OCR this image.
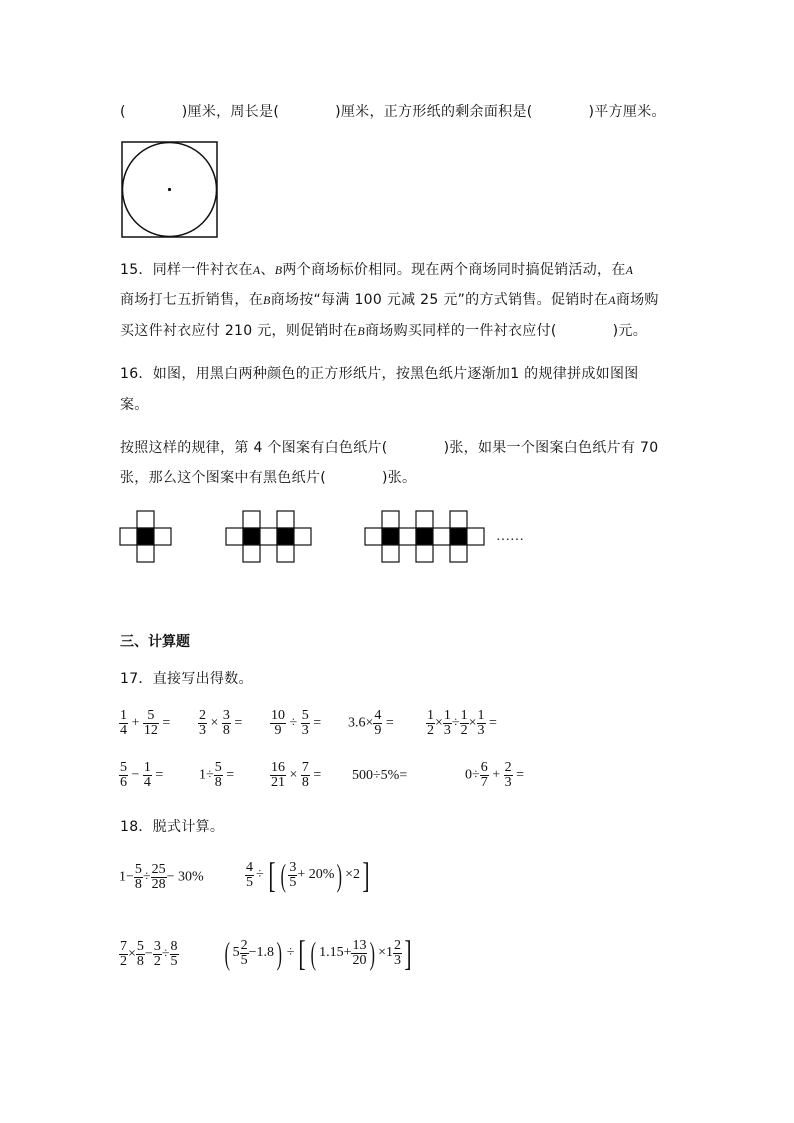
(	)厘米，周长是(	)厘米，正方形纸的剩余面积是(	)平方厘米。
15．同样一件衬衣在A、B两个商场标价相同。现在两个商场同时搞促销活动，在A
商场打七五折销售，在B商场按“每满 100 元减 25 元”的方式销售。促销时在A商场购
买这件衬衣应付 210 元，则促销时在B商场购买同样的一件衬衣应付(	)元。
16．如图，用黑白两种颜色的正方形纸片，按黑色纸片逐渐加1 的规律拼成如图图
案。
按照这样的规律，第 4 个图案有白色纸片(	)张，如果一个图案白色纸片有 70
张，那么这个图案中有黑色纸片(	)张。
……
三、计算题
17．直接写出得数。
$\frac{1}{4} + \frac{5}{12} = \frac{2}{3} \times \frac{3}{8} = \frac{10}{9} \div \frac{5}{3} = 3.6\times \frac{4}{9} = \frac{1}{2} \times \frac{1}{3} \div \frac{1}{2} \times \frac{1}{3}$ =
$\frac{5}{6} - \frac{1}{4}$ =	$1\div \frac{5}{8}$ =	$\frac{16}{21} \times \frac{7}{8} = 500\div 5\%=$	$0\div \frac{6}{7} + \frac{2}{3}$ =
18．脱式计算。
$1- \frac{5}{8} \div \frac{25}{28} - 30\%$	$\frac{4}{5}$ ÷ [ ( $\frac{3}{5} + 20\%$ ) ×2 ]
$\frac{7}{2} \times \frac{5}{8} - \frac{3}{2} \div \frac{8}{5}$ ( $5 \frac{2}{5} -1.8$ ) ÷ [ ( $1.15+ \frac{13}{20}$ ) $\times 1 \frac{2}{3}$ ]
